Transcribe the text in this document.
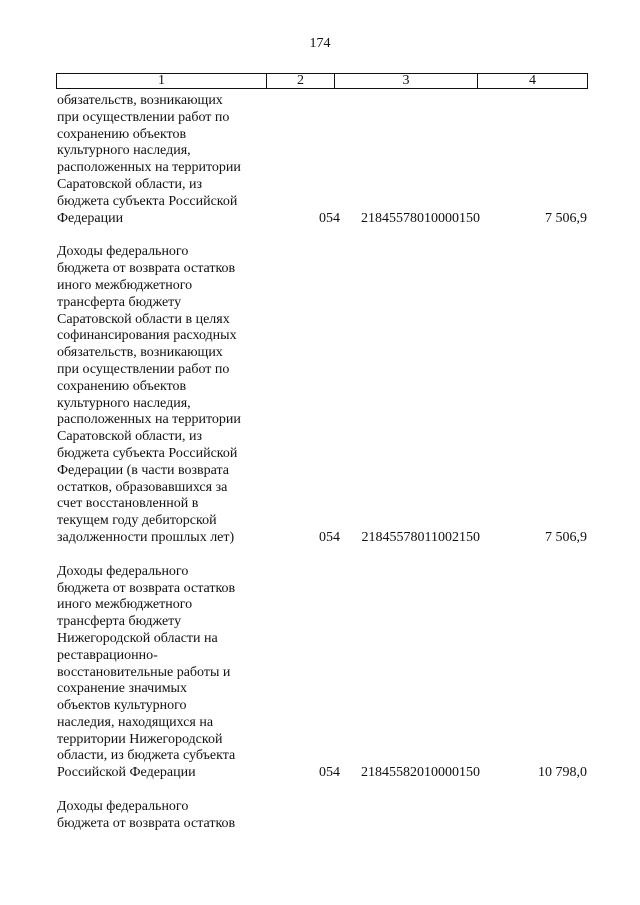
174
1	2	3	4
обязательств, возникающих
при осуществлении работ по
сохранению объектов
культурного наследия,
расположенных на территории
Саратовской области, из
бюджета субъекта Российской
Федерации	054	21845578010000150	7 506,9
Доходы федерального
бюджета от возврата остатков
иного межбюджетного
трансферта бюджету
Саратовской области в целях
софинансирования расходных
обязательств, возникающих
при осуществлении работ по
сохранению объектов
культурного наследия,
расположенных на территории
Саратовской области, из
бюджета субъекта Российской
Федерации (в части возврата
остатков, образовавшихся за
счет восстановленной в
текущем году дебиторской
задолженности прошлых лет)	054	21845578011002150	7 506,9
Доходы федерального
бюджета от возврата остатков
иного межбюджетного
трансферта бюджету
Нижегородской области на
реставрационно-
восстановительные работы и
сохранение значимых
объектов культурного
наследия, находящихся на
территории Нижегородской
области, из бюджета субъекта
Российской Федерации	054	21845582010000150	10 798,0
Доходы федерального
бюджета от возврата остатков
